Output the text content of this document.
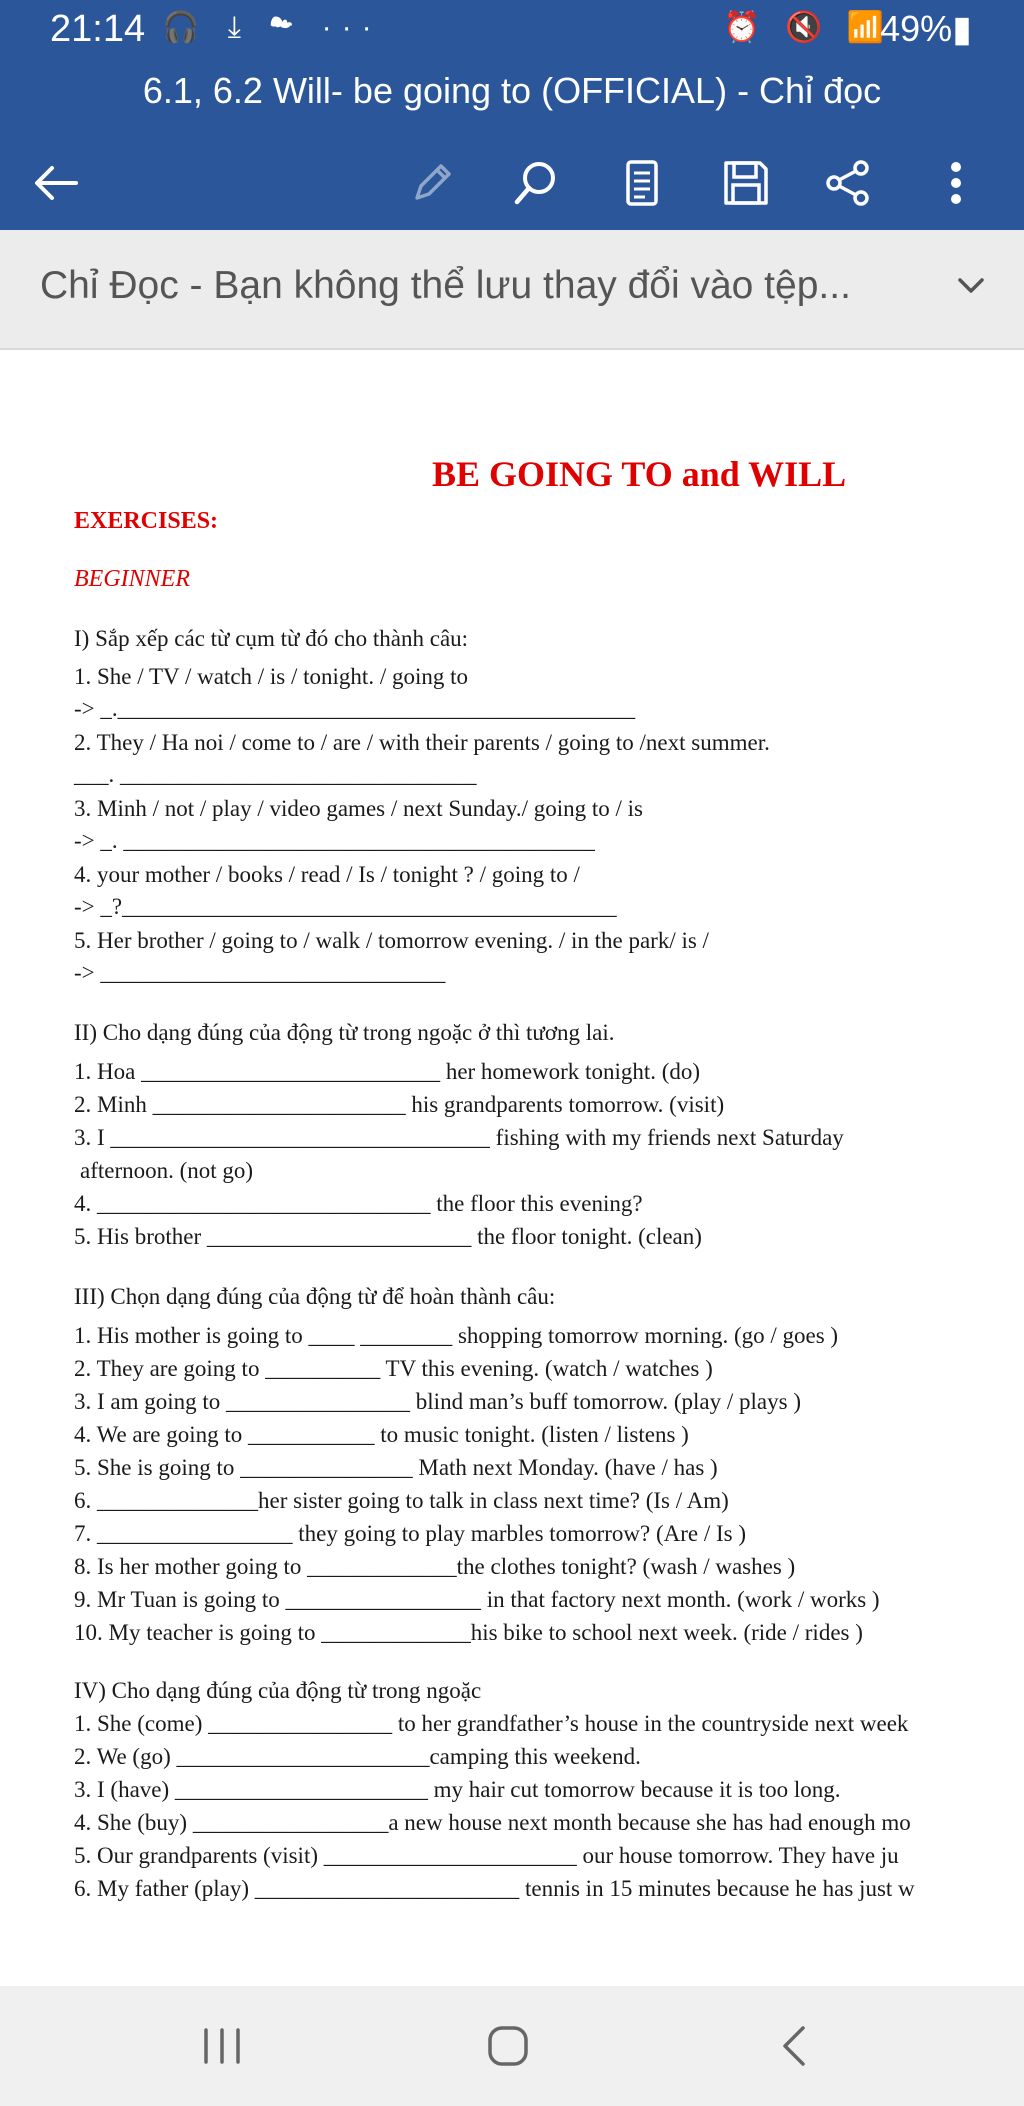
21:14 🎧 ⤓ ☁ ···	⏰ 🔇 📶
49%▮
6.1, 6.2 Will- be going to (OFFICIAL) - Chỉ đọc
Chỉ Đọc - Bạn không thể lưu thay đổi vào tệp...
BE GOING TO and WILL
EXERCISES:
BEGINNER
I) Sắp xếp các từ cụm từ đó cho thành câu:
1. She / TV / watch / is / tonight. / going to
-> _._____________________________________________
2. They / Ha noi / come to / are / with their parents / going to /next summer.
___. _______________________________
3. Minh / not / play / video games / next Sunday./ going to / is
-> _. _________________________________________
4. your mother / books / read / Is / tonight ? / going to /
-> _?___________________________________________
5. Her brother / going to / walk / tomorrow evening. / in the park/ is /
-> ______________________________
II) Cho dạng đúng của động từ trong ngoặc ở thì tương lai.
1. Hoa __________________________ her homework tonight. (do)
2. Minh ______________________ his grandparents tomorrow. (visit)
3. I _________________________________ fishing with my friends next Saturday
afternoon. (not go)
4. _____________________________ the floor this evening?
5. His brother _______________________ the floor tonight. (clean)
III) Chọn dạng đúng của động từ để hoàn thành câu:
1. His mother is going to ____ ________ shopping tomorrow morning. (go / goes )
2. They are going to __________ TV this evening. (watch / watches )
3. I am going to ________________ blind man’s buff tomorrow. (play / plays )
4. We are going to ___________ to music tonight. (listen / listens )
5. She is going to _______________ Math next Monday. (have / has )
6. ______________her sister going to talk in class next time? (Is / Am)
7. _________________ they going to play marbles tomorrow? (Are / Is )
8. Is her mother going to _____________the clothes tonight? (wash / washes )
9. Mr Tuan is going to _________________ in that factory next month. (work / works )
10. My teacher is going to _____________his bike to school next week. (ride / rides )
IV) Cho dạng đúng của động từ trong ngoặc
1. She (come) ________________ to her grandfather’s house in the countryside next week
2. We (go) ______________________camping this weekend.
3. I (have) ______________________ my hair cut tomorrow because it is too long.
4. She (buy) _________________a new house next month because she has had enough mo
5. Our grandparents (visit) ______________________ our house tomorrow. They have ju
6. My father (play) _______________________ tennis in 15 minutes because he has just w
